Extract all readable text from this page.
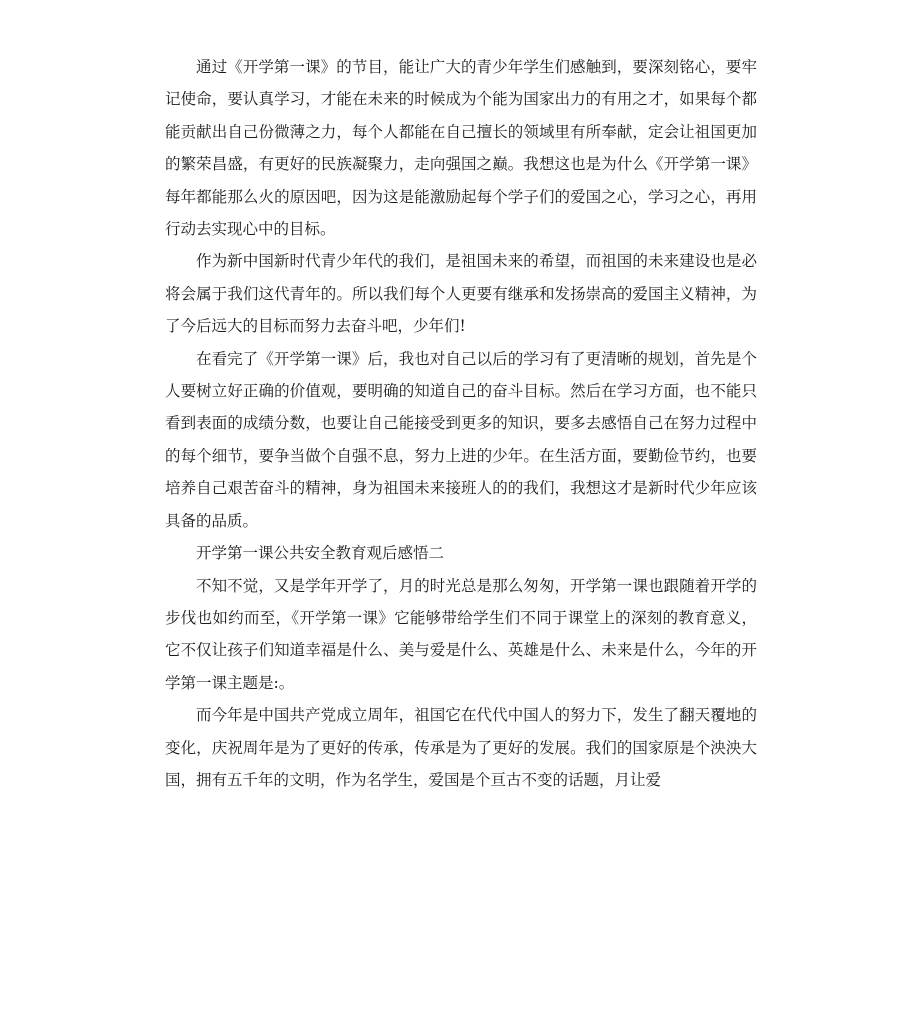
通过《开学第一课》的节目，能让广大的青少年学生们感触到，要深刻铭心，要牢记使命，要认真学习，才能在未来的时候成为个能为国家出力的有用之才，如果每个都能贡献出自己份微薄之力，每个人都能在自己擅长的领域里有所奉献，定会让祖国更加的繁荣昌盛，有更好的民族凝聚力，走向强国之巅。我想这也是为什么《开学第一课》每年都能那么火的原因吧，因为这是能激励起每个学子们的爱国之心，学习之心，再用行动去实现心中的目标。

作为新中国新时代青少年代的我们，是祖国未来的希望，而祖国的未来建设也是必将会属于我们这代青年的。所以我们每个人更要有继承和发扬崇高的爱国主义精神，为了今后远大的目标而努力去奋斗吧，少年们!

在看完了《开学第一课》后，我也对自己以后的学习有了更清晰的规划，首先是个人要树立好正确的价值观，要明确的知道自己的奋斗目标。然后在学习方面，也不能只看到表面的成绩分数，也要让自己能接受到更多的知识，要多去感悟自己在努力过程中的每个细节，要争当做个自强不息，努力上进的少年。在生活方面，要勤俭节约，也要培养自己艰苦奋斗的精神，身为祖国未来接班人的的我们，我想这才是新时代少年应该具备的品质。

开学第一课公共安全教育观后感悟二

不知不觉，又是学年开学了，月的时光总是那么匆匆，开学第一课也跟随着开学的步伐也如约而至，《开学第一课》它能够带给学生们不同于课堂上的深刻的教育意义，它不仅让孩子们知道幸福是什么、美与爱是什么、英雄是什么、未来是什么，今年的开学第一课主题是:。

而今年是中国共产党成立周年，祖国它在代代中国人的努力下，发生了翻天覆地的变化，庆祝周年是为了更好的传承，传承是为了更好的发展。我们的国家原是个泱泱大国，拥有五千年的文明，作为名学生，爱国是个亘古不变的话题，月让爱
